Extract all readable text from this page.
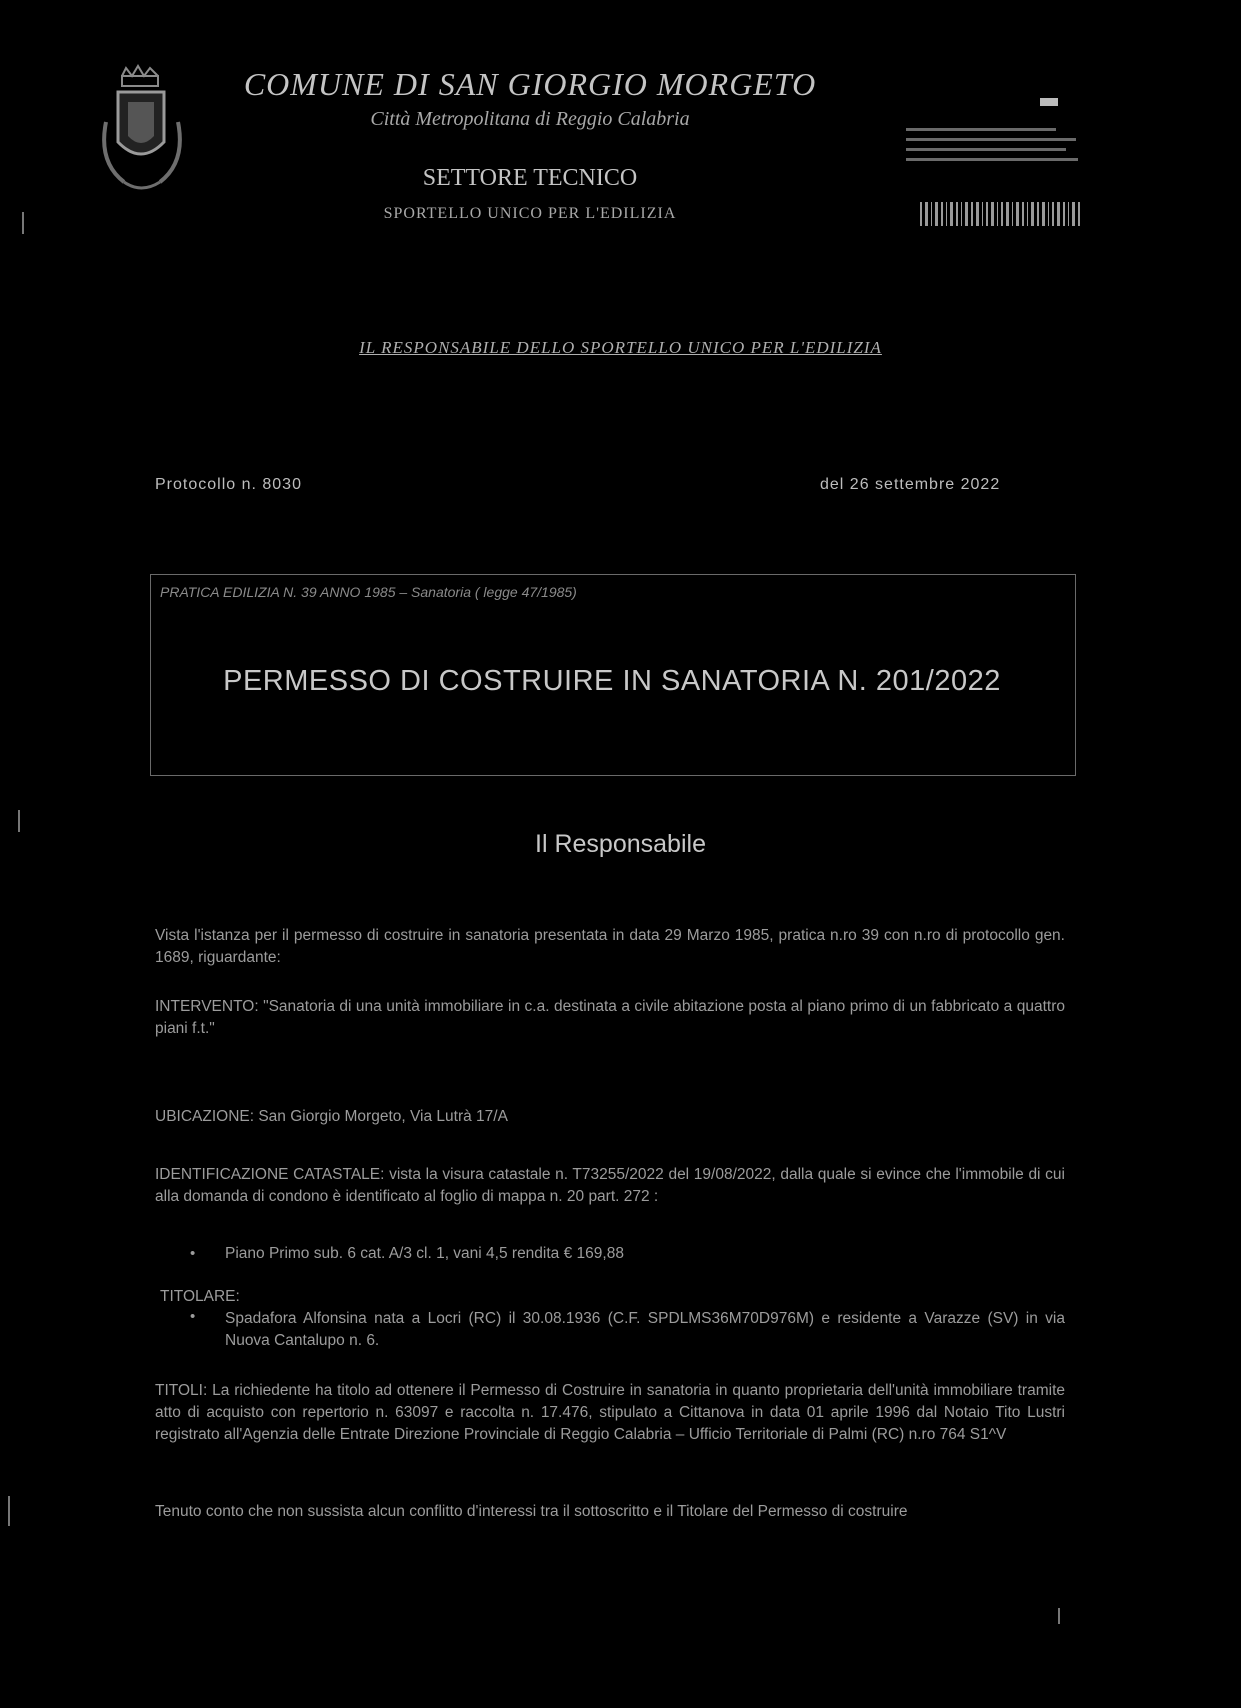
COMUNE DI SAN GIORGIO MORGETO
Città Metropolitana di Reggio Calabria
SETTORE TECNICO
SPORTELLO UNICO PER L'EDILIZIA
IL RESPONSABILE DELLO SPORTELLO UNICO PER L'EDILIZIA
Protocollo n. 8030	del 26 settembre 2022
PRATICA EDILIZIA N. 39 ANNO 1985 – Sanatoria ( legge 47/1985)
PERMESSO DI COSTRUIRE IN SANATORIA N. 201/2022
Il Responsabile
Vista l'istanza per il permesso di costruire in sanatoria presentata in data 29 Marzo 1985, pratica n.ro 39 con n.ro di protocollo gen. 1689, riguardante:
INTERVENTO: "Sanatoria di una unità immobiliare in c.a. destinata a civile abitazione posta al piano primo di un fabbricato a quattro piani f.t."
UBICAZIONE: San Giorgio Morgeto, Via Lutrà 17/A
IDENTIFICAZIONE CATASTALE: vista la visura catastale n. T73255/2022 del 19/08/2022, dalla quale si evince che l'immobile di cui alla domanda di condono è identificato al foglio di mappa n. 20 part. 272 :
• Piano Primo sub. 6 cat. A/3 cl. 1, vani 4,5 rendita € 169,88
TITOLARE:
• Spadafora Alfonsina nata a Locri (RC) il 30.08.1936 (C.F. SPDLMS36M70D976M) e residente a Varazze (SV) in via Nuova Cantalupo n. 6.
TITOLI: La richiedente ha titolo ad ottenere il Permesso di Costruire in sanatoria in quanto proprietaria dell'unità immobiliare tramite atto di acquisto con repertorio n. 63097 e raccolta n. 17.476, stipulato a Cittanova in data 01 aprile 1996 dal Notaio Tito Lustri registrato all'Agenzia delle Entrate Direzione Provinciale di Reggio Calabria – Ufficio Territoriale di Palmi (RC) n.ro 764 S1^V
Tenuto conto che non sussista alcun conflitto d'interessi tra il sottoscritto e il Titolare del Permesso di costruire
